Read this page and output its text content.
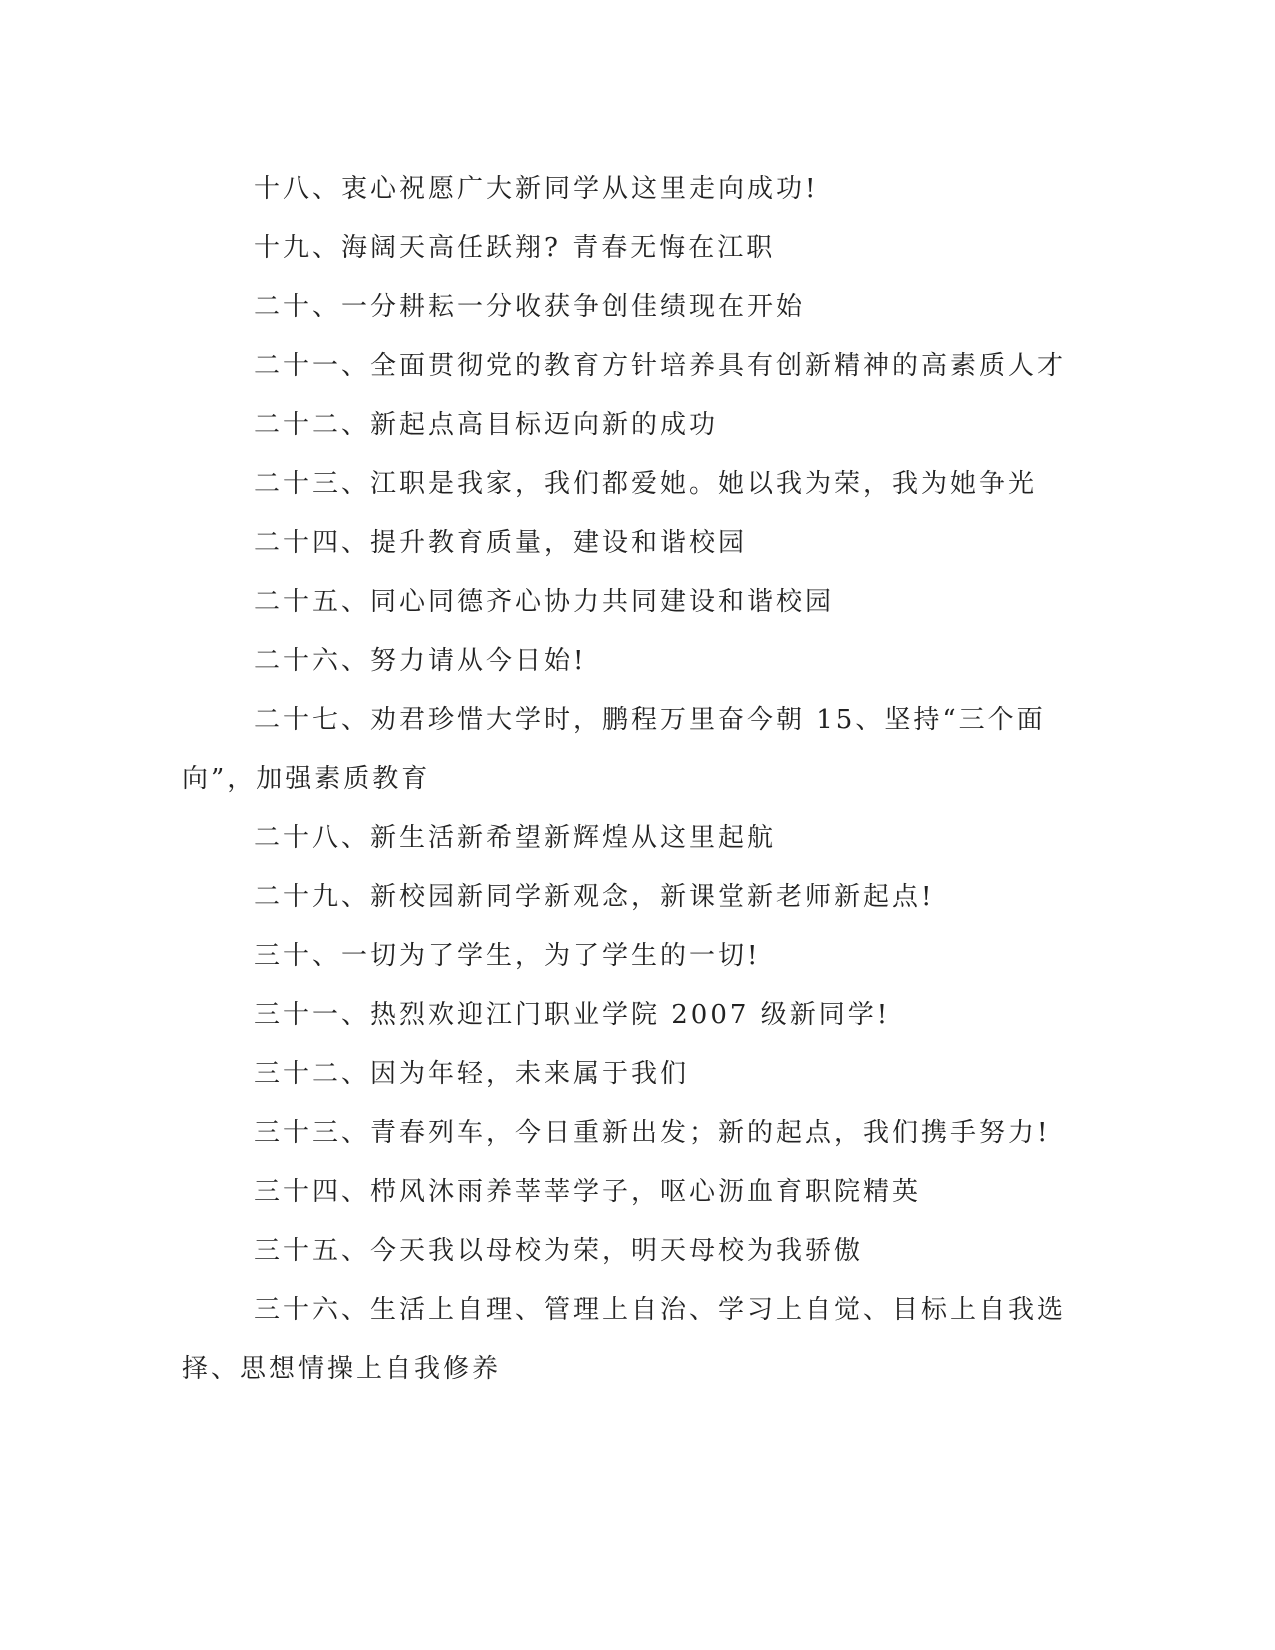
十八、衷心祝愿广大新同学从这里走向成功!

十九、海阔天高任跃翔? 青春无悔在江职

二十、一分耕耘一分收获争创佳绩现在开始

二十一、全面贯彻党的教育方针培养具有创新精神的高素质人才

二十二、新起点高目标迈向新的成功

二十三、江职是我家，我们都爱她。她以我为荣，我为她争光

二十四、提升教育质量，建设和谐校园

二十五、同心同德齐心协力共同建设和谐校园

二十六、努力请从今日始!

二十七、劝君珍惜大学时，鹏程万里奋今朝 15、坚持“三个面向”，加强素质教育

二十八、新生活新希望新辉煌从这里起航

二十九、新校园新同学新观念，新课堂新老师新起点!

三十、一切为了学生，为了学生的一切!

三十一、热烈欢迎江门职业学院 2007 级新同学!

三十二、因为年轻，未来属于我们

三十三、青春列车，今日重新出发；新的起点，我们携手努力!

三十四、栉风沐雨养莘莘学子，呕心沥血育职院精英

三十五、今天我以母校为荣，明天母校为我骄傲

三十六、生活上自理、管理上自治、学习上自觉、目标上自我选择、思想情操上自我修养
